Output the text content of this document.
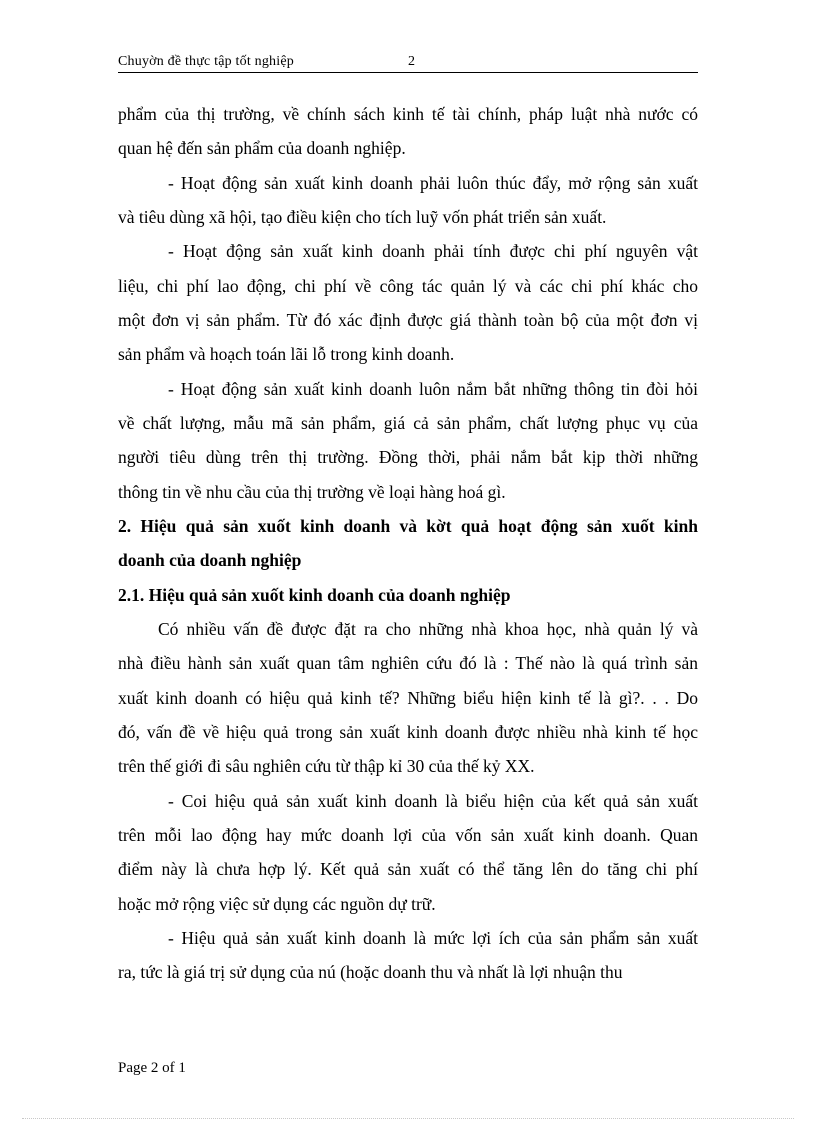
Chuyờn đề thực tập tốt nghiệp	2
phẩm của thị trường, về chính sách kinh tế tài chính, pháp luật nhà nước có
quan hệ đến sản phẩm của doanh nghiệp.
- Hoạt động sản xuất kinh doanh phải luôn thúc đẩy, mở rộng sản xuất
và tiêu dùng xã hội, tạo điều kiện cho tích luỹ vốn phát triển sản xuất.
- Hoạt động sản xuất kinh doanh phải tính được chi phí nguyên vật
liệu, chi phí lao động, chi phí về công tác quản lý và các chi phí khác cho
một đơn vị sản phẩm. Từ đó xác định được giá thành toàn bộ của một đơn vị
sản phẩm và hoạch toán lãi lỗ trong kinh doanh.
- Hoạt động sản xuất kinh doanh luôn nắm bắt những thông tin đòi hỏi
về chất lượng, mẫu mã sản phẩm, giá cả sản phẩm, chất lượng phục vụ của
người tiêu dùng trên thị trường. Đồng thời, phải nắm bắt kịp thời những
thông tin về nhu cầu của thị trường về loại hàng hoá gì.
2. Hiệu quả sản xuốt kinh doanh và kờt quả hoạt động sản xuốt kinh
doanh của doanh nghiệp
2.1. Hiệu quả sản xuốt kinh doanh của doanh nghiệp
Có nhiều vấn đề được đặt ra cho những nhà khoa học, nhà quản lý và
nhà điều hành sản xuất quan tâm nghiên cứu đó là : Thế nào là quá trình sản
xuất kinh doanh có hiệu quả kinh tế? Những biểu hiện kinh tế là gì?. . . Do
đó, vấn đề về hiệu quả trong sản xuất kinh doanh được nhiều nhà kinh tế học
trên thế giới đi sâu nghiên cứu từ thập kỉ 30 của thế kỷ XX.
- Coi hiệu quả sản xuất kinh doanh là biểu hiện của kết quả sản xuất
trên mỗi lao động hay mức doanh lợi của vốn sản xuất kinh doanh. Quan
điểm này là chưa hợp lý. Kết quả sản xuất có thể tăng lên do tăng chi phí
hoặc mở rộng việc sử dụng các nguồn dự trữ.
- Hiệu quả sản xuất kinh doanh là mức lợi ích của sản phẩm sản xuất
ra, tức là giá trị sử dụng của nú (hoặc doanh thu và nhất là lợi nhuận thu
Page 2 of 1
